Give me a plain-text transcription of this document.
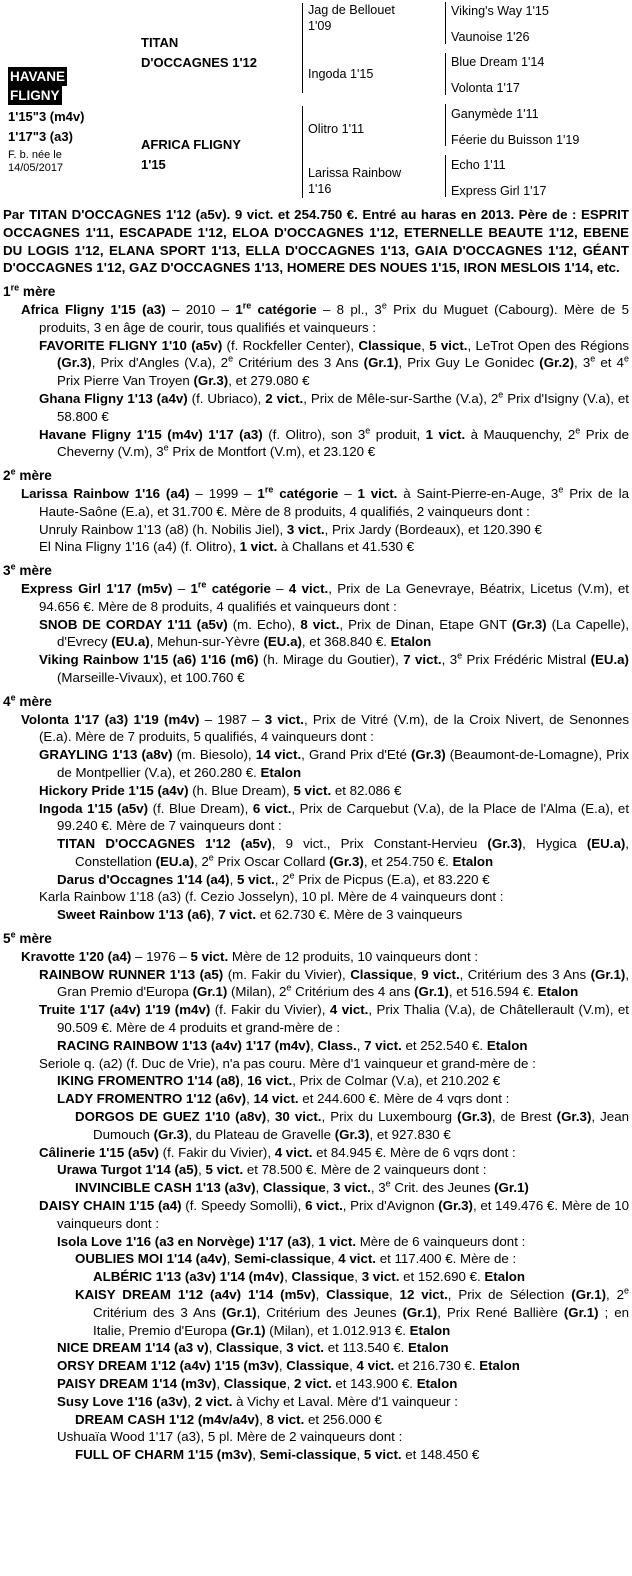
HAVANE
FLIGNY
1'15"3 (m4v)
1'17"3 (a3)
F. b. née le
14/05/2017
TITAN
D'OCCAGNES 1'12
AFRICA FLIGNY
1'15
Jag de Bellouet
1'09
Ingoda 1'15
Olitro 1'11
Larissa Rainbow
1'16
Viking's Way 1'15
Vaunoise 1'26
Blue Dream 1'14
Volonta 1'17
Ganymède 1'11
Féerie du Buisson 1'19
Echo 1'11
Express Girl 1'17

Par TITAN D'OCCAGNES 1'12 (a5v). 9 vict. et 254.750 €. Entré au haras en 2013. Père de : ESPRIT OCCAGNES 1'11, ESCAPADE 1'12, ELOA D'OCCAGNES 1'12, ETERNELLE BEAUTE 1'12, EBENE DU LOGIS 1'12, ELANA SPORT 1'13, ELLA D'OCCAGNES 1'13, GAIA D'OCCAGNES 1'12, GÉANT D'OCCAGNES 1'12, GAZ D'OCCAGNES 1'13, HOMERE DES NOUES 1'15, IRON MESLOIS 1'14, etc.

1re mère

Africa Fligny 1'15 (a3) – 2010 – 1re catégorie – 8 pl., 3e Prix du Muguet (Cabourg). Mère de 5 produits, 3 en âge de courir, tous qualifiés et vainqueurs :

FAVORITE FLIGNY 1'10 (a5v) (f. Rockfeller Center), Classique, 5 vict., LeTrot Open des Régions (Gr.3), Prix d'Angles (V.a), 2e Critérium des 3 Ans (Gr.1), Prix Guy Le Gonidec (Gr.2), 3e et 4e Prix Pierre Van Troyen (Gr.3), et 279.080 €

Ghana Fligny 1'13 (a4v) (f. Ubriaco), 2 vict., Prix de Mêle-sur-Sarthe (V.a), 2e Prix d'Isigny (V.a), et 58.800 €

Havane Fligny 1'15 (m4v) 1'17 (a3) (f. Olitro), son 3e produit, 1 vict. à Mauquenchy, 2e Prix de Cheverny (V.m), 3e Prix de Montfort (V.m), et 23.120 €

2e mère

Larissa Rainbow 1'16 (a4) – 1999 – 1re catégorie – 1 vict. à Saint-Pierre-en-Auge, 3e Prix de la Haute-Saône (E.a), et 31.700 €. Mère de 8 produits, 4 qualifiés, 2 vainqueurs dont :

Unruly Rainbow 1'13 (a8) (h. Nobilis Jiel), 3 vict., Prix Jardy (Bordeaux), et 120.390 €

El Nina Fligny 1'16 (a4) (f. Olitro), 1 vict. à Challans et 41.530 €

3e mère

Express Girl 1'17 (m5v) – 1re catégorie – 4 vict., Prix de La Genevraye, Béatrix, Licetus (V.m), et 94.656 €. Mère de 8 produits, 4 qualifiés et vainqueurs dont :

SNOB DE CORDAY 1'11 (a5v) (m. Echo), 8 vict., Prix de Dinan, Etape GNT (Gr.3) (La Capelle), d'Evrecy (EU.a), Mehun-sur-Yèvre (EU.a), et 368.840 €. Etalon

Viking Rainbow 1'15 (a6) 1'16 (m6) (h. Mirage du Goutier), 7 vict., 3e Prix Frédéric Mistral (EU.a) (Marseille-Vivaux), et 100.760 €

4e mère

Volonta 1'17 (a3) 1'19 (m4v) – 1987 – 3 vict., Prix de Vitré (V.m), de la Croix Nivert, de Senonnes (E.a). Mère de 7 produits, 5 qualifiés, 4 vainqueurs dont :

GRAYLING 1'13 (a8v) (m. Biesolo), 14 vict., Grand Prix d'Eté (Gr.3) (Beaumont-de-Lomagne), Prix de Montpellier (V.a), et 260.280 €. Etalon

Hickory Pride 1'15 (a4v) (h. Blue Dream), 5 vict. et 82.086 €

Ingoda 1'15 (a5v) (f. Blue Dream), 6 vict., Prix de Carquebut (V.a), de la Place de l'Alma (E.a), et 99.240 €. Mère de 7 vainqueurs dont :

TITAN D'OCCAGNES 1'12 (a5v), 9 vict., Prix Constant-Hervieu (Gr.3), Hygica (EU.a), Constellation (EU.a), 2e Prix Oscar Collard (Gr.3), et 254.750 €. Etalon

Darus d'Occagnes 1'14 (a4), 5 vict., 2e Prix de Picpus (E.a), et 83.220 €

Karla Rainbow 1'18 (a3) (f. Cezio Josselyn), 10 pl. Mère de 4 vainqueurs dont :

Sweet Rainbow 1'13 (a6), 7 vict. et 62.730 €. Mère de 3 vainqueurs

5e mère

Kravotte 1'20 (a4) – 1976 – 5 vict. Mère de 12 produits, 10 vainqueurs dont :

RAINBOW RUNNER 1'13 (a5) (m. Fakir du Vivier), Classique, 9 vict., Critérium des 3 Ans (Gr.1), Gran Premio d'Europa (Gr.1) (Milan), 2e Critérium des 4 ans (Gr.1), et 516.594 €. Etalon

Truite 1'17 (a4v) 1'19 (m4v) (f. Fakir du Vivier), 4 vict., Prix Thalia (V.a), de Châtellerault (V.m), et 90.509 €. Mère de 4 produits et grand-mère de :

RACING RAINBOW 1'13 (a4v) 1'17 (m4v), Class., 7 vict. et 252.540 €. Etalon

Seriole q. (a2) (f. Duc de Vrie), n'a pas couru. Mère d'1 vainqueur et grand-mère de :

IKING FROMENTRO 1'14 (a8), 16 vict., Prix de Colmar (V.a), et 210.202 €

LADY FROMENTRO 1'12 (a6v), 14 vict. et 244.600 €. Mère de 4 vqrs dont :

DORGOS DE GUEZ 1'10 (a8v), 30 vict., Prix du Luxembourg (Gr.3), de Brest (Gr.3), Jean Dumouch (Gr.3), du Plateau de Gravelle (Gr.3), et 927.830 €

Câlinerie 1'15 (a5v) (f. Fakir du Vivier), 4 vict. et 84.945 €. Mère de 6 vqrs dont :

Urawa Turgot 1'14 (a5), 5 vict. et 78.500 €. Mère de 2 vainqueurs dont :

INVINCIBLE CASH 1'13 (a3v), Classique, 3 vict., 3e Crit. des Jeunes (Gr.1)

DAISY CHAIN 1'15 (a4) (f. Speedy Somolli), 6 vict., Prix d'Avignon (Gr.3), et 149.476 €. Mère de 10 vainqueurs dont :

Isola Love 1'16 (a3 en Norvège) 1'17 (a3), 1 vict. Mère de 6 vainqueurs dont :

OUBLIES MOI 1'14 (a4v), Semi-classique, 4 vict. et 117.400 €. Mère de :

ALBÉRIC 1'13 (a3v) 1'14 (m4v), Classique, 3 vict. et 152.690 €. Etalon

KAISY DREAM 1'12 (a4v) 1'14 (m5v), Classique, 12 vict., Prix de Sélection (Gr.1), 2e Critérium des 3 Ans (Gr.1), Critérium des Jeunes (Gr.1), Prix René Ballière (Gr.1) ; en Italie, Premio d'Europa (Gr.1) (Milan), et 1.012.913 €. Etalon

NICE DREAM 1'14 (a3 v), Classique, 3 vict. et 113.540 €. Etalon

ORSY DREAM 1'12 (a4v) 1'15 (m3v), Classique, 4 vict. et 216.730 €. Etalon

PAISY DREAM 1'14 (m3v), Classique, 2 vict. et 143.900 €. Etalon

Susy Love 1'16 (a3v), 2 vict. à Vichy et Laval. Mère d'1 vainqueur :

DREAM CASH 1'12 (m4v/a4v), 8 vict. et 256.000 €

Ushuaïa Wood 1'17 (a3), 5 pl. Mère de 2 vainqueurs dont :

FULL OF CHARM 1'15 (m3v), Semi-classique, 5 vict. et 148.450 €
